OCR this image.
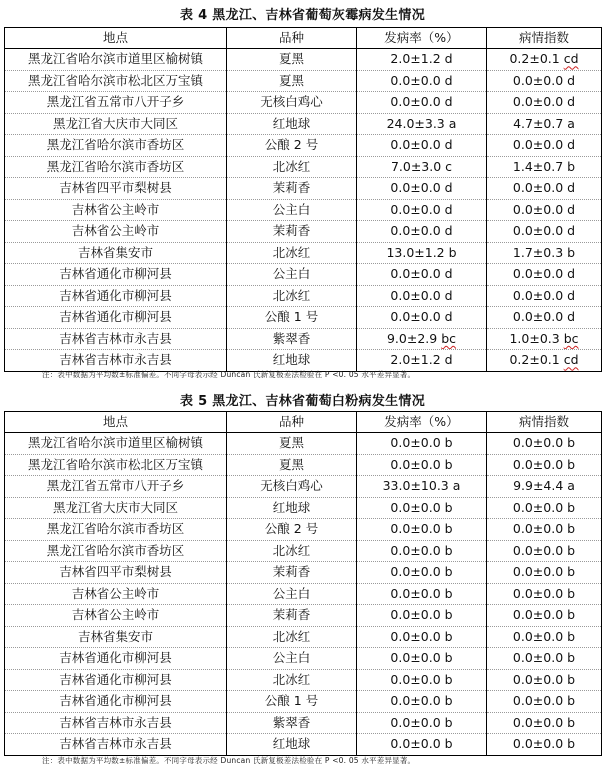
表 4 黑龙江、吉林省葡萄灰霉病发生情况
地点	品种	发病率（%）	病情指数
黑龙江省哈尔滨市道里区榆树镇	夏黑	2.0±1.2 d	0.2±0.1 cd
黑龙江省哈尔滨市松北区万宝镇	夏黑	0.0±0.0 d	0.0±0.0 d
黑龙江省五常市八开子乡	无核白鸡心	0.0±0.0 d	0.0±0.0 d
黑龙江省大庆市大同区	红地球	24.0±3.3 a	4.7±0.7 a
黑龙江省哈尔滨市香坊区	公酿 2 号	0.0±0.0 d	0.0±0.0 d
黑龙江省哈尔滨市香坊区	北冰红	7.0±3.0 c	1.4±0.7 b
吉林省四平市梨树县	茉莉香	0.0±0.0 d	0.0±0.0 d
吉林省公主岭市	公主白	0.0±0.0 d	0.0±0.0 d
吉林省公主岭市	茉莉香	0.0±0.0 d	0.0±0.0 d
吉林省集安市	北冰红	13.0±1.2 b	1.7±0.3 b
吉林省通化市柳河县	公主白	0.0±0.0 d	0.0±0.0 d
吉林省通化市柳河县	北冰红	0.0±0.0 d	0.0±0.0 d
吉林省通化市柳河县	公酿 1 号	0.0±0.0 d	0.0±0.0 d
吉林省吉林市永吉县	紫翠香	9.0±2.9 bc	1.0±0.3 bc
吉林省吉林市永吉县	红地球	2.0±1.2 d	0.2±0.1 cd
注：表中数据为平均数±标准偏差。不同字母表示经 Duncan 氏新复极差法检验在 P <0. 05 水平差异显著。
表 5 黑龙江、吉林省葡萄白粉病发生情况
地点	品种	发病率（%）	病情指数
黑龙江省哈尔滨市道里区榆树镇	夏黑	0.0±0.0 b	0.0±0.0 b
黑龙江省哈尔滨市松北区万宝镇	夏黑	0.0±0.0 b	0.0±0.0 b
黑龙江省五常市八开子乡	无核白鸡心	33.0±10.3 a	9.9±4.4 a
黑龙江省大庆市大同区	红地球	0.0±0.0 b	0.0±0.0 b
黑龙江省哈尔滨市香坊区	公酿 2 号	0.0±0.0 b	0.0±0.0 b
黑龙江省哈尔滨市香坊区	北冰红	0.0±0.0 b	0.0±0.0 b
吉林省四平市梨树县	茉莉香	0.0±0.0 b	0.0±0.0 b
吉林省公主岭市	公主白	0.0±0.0 b	0.0±0.0 b
吉林省公主岭市	茉莉香	0.0±0.0 b	0.0±0.0 b
吉林省集安市	北冰红	0.0±0.0 b	0.0±0.0 b
吉林省通化市柳河县	公主白	0.0±0.0 b	0.0±0.0 b
吉林省通化市柳河县	北冰红	0.0±0.0 b	0.0±0.0 b
吉林省通化市柳河县	公酿 1 号	0.0±0.0 b	0.0±0.0 b
吉林省吉林市永吉县	紫翠香	0.0±0.0 b	0.0±0.0 b
吉林省吉林市永吉县	红地球	0.0±0.0 b	0.0±0.0 b
注：表中数据为平均数±标准偏差。不同字母表示经 Duncan 氏新复极差法检验在 P <0. 05 水平差异显著。
